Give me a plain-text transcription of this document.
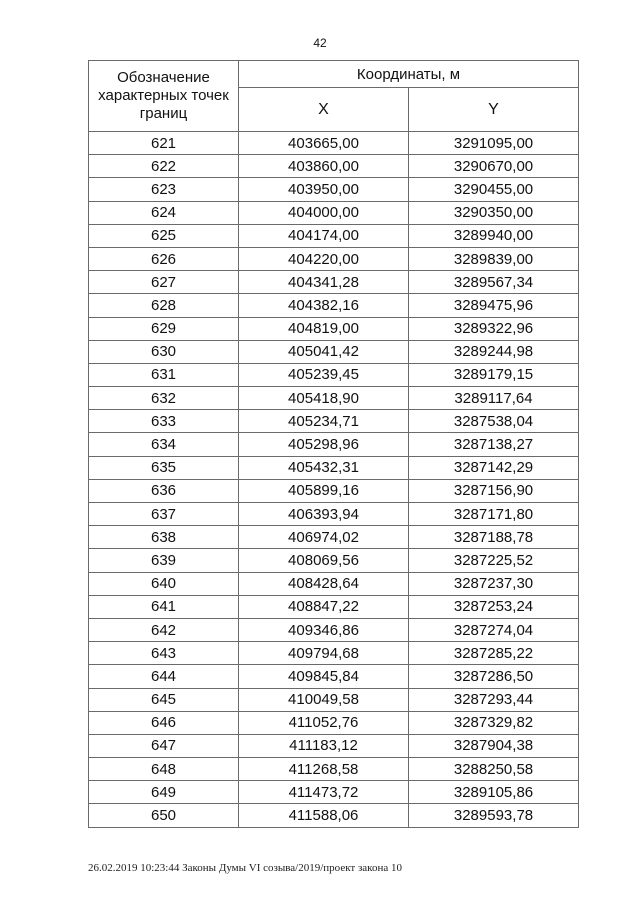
42
Обозначение характерных точек границ	Координаты, м	
	X	Y
621	403665,00	3291095,00
622	403860,00	3290670,00
623	403950,00	3290455,00
624	404000,00	3290350,00
625	404174,00	3289940,00
626	404220,00	3289839,00
627	404341,28	3289567,34
628	404382,16	3289475,96
629	404819,00	3289322,96
630	405041,42	3289244,98
631	405239,45	3289179,15
632	405418,90	3289117,64
633	405234,71	3287538,04
634	405298,96	3287138,27
635	405432,31	3287142,29
636	405899,16	3287156,90
637	406393,94	3287171,80
638	406974,02	3287188,78
639	408069,56	3287225,52
640	408428,64	3287237,30
641	408847,22	3287253,24
642	409346,86	3287274,04
643	409794,68	3287285,22
644	409845,84	3287286,50
645	410049,58	3287293,44
646	411052,76	3287329,82
647	411183,12	3287904,38
648	411268,58	3288250,58
649	411473,72	3289105,86
650	411588,06	3289593,78
26.02.2019 10:23:44 Законы Думы VI созыва/2019/проект закона 10
